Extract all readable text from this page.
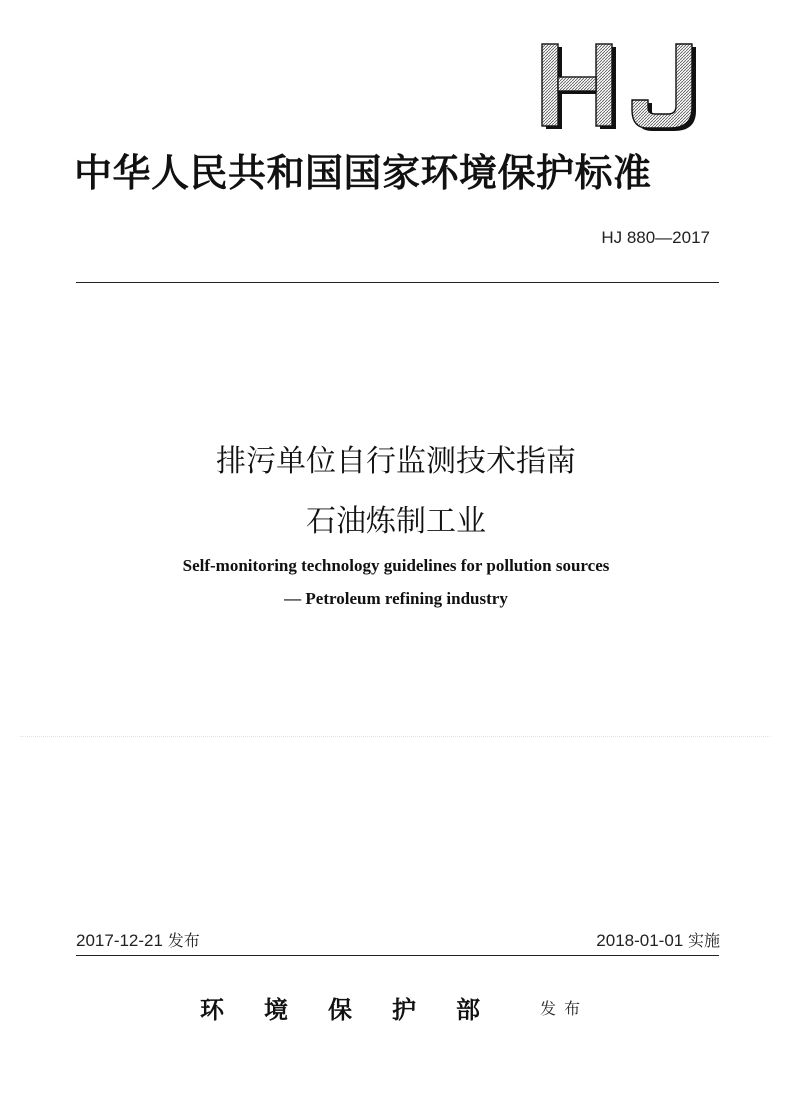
中华人民共和国国家环境保护标准
HJ 880—2017
排污单位自行监测技术指南
石油炼制工业
Self-monitoring technology guidelines for pollution sources
— Petroleum refining industry
2017-12-21 发布	2018-01-01 实施
环境保护部 发布
